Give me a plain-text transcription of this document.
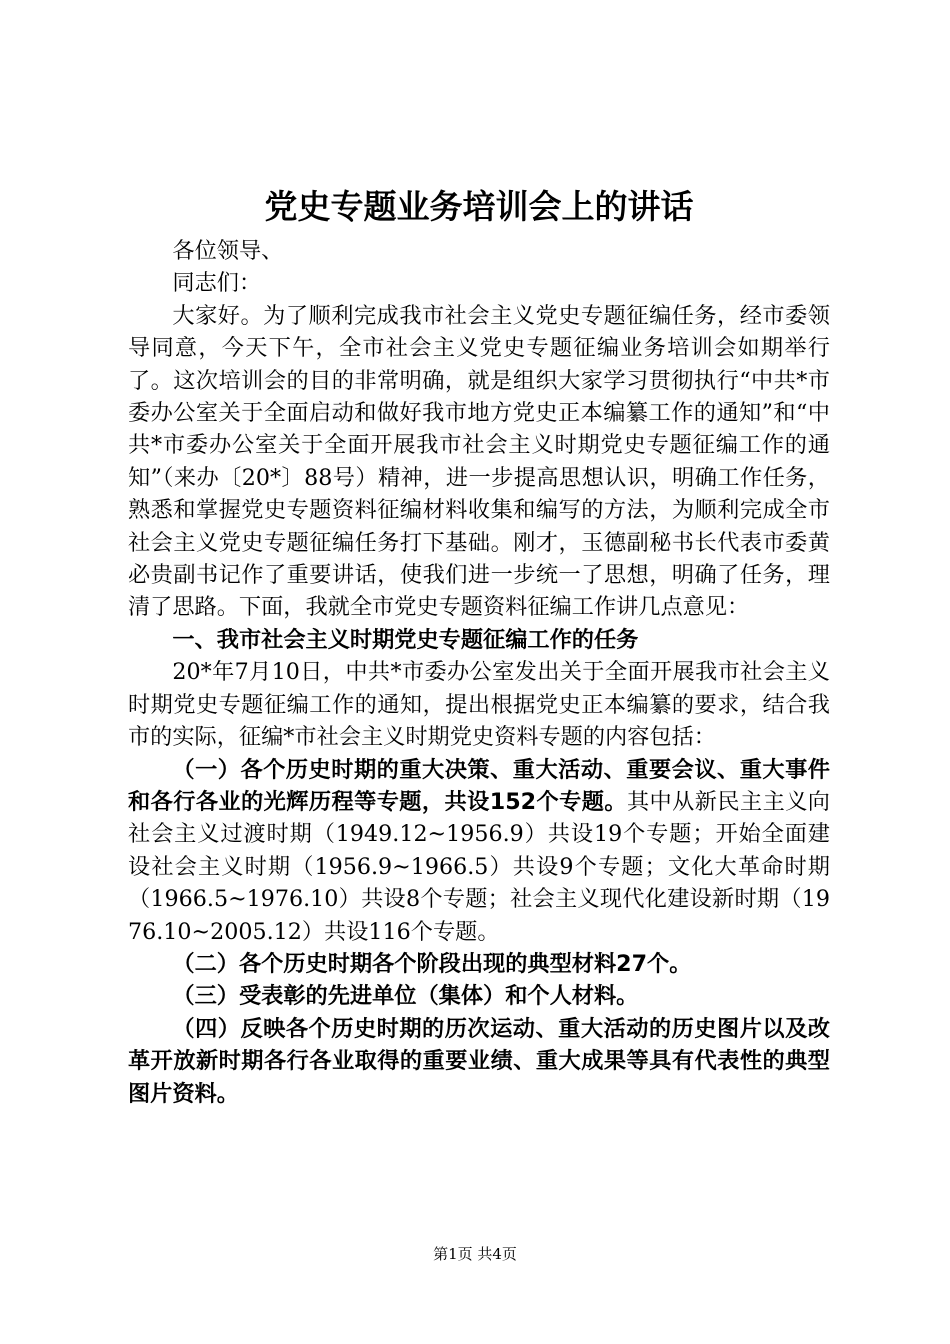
党史专题业务培训会上的讲话

各位领导、

同志们：

大家好。为了顺利完成我市社会主义党史专题征编任务，经市委领导同意，今天下午，全市社会主义党史专题征编业务培训会如期举行了。这次培训会的目的非常明确，就是组织大家学习贯彻执行“中共*市委办公室关于全面启动和做好我市地方党史正本编纂工作的通知”和“中共*市委办公室关于全面开展我市社会主义时期党史专题征编工作的通知”（来办〔20*〕88号）精神，进一步提高思想认识，明确工作任务，熟悉和掌握党史专题资料征编材料收集和编写的方法，为顺利完成全市社会主义党史专题征编任务打下基础。刚才，玉德副秘书长代表市委黄必贵副书记作了重要讲话，使我们进一步统一了思想，明确了任务，理清了思路。下面，我就全市党史专题资料征编工作讲几点意见：

一、我市社会主义时期党史专题征编工作的任务

20*年7月10日，中共*市委办公室发出关于全面开展我市社会主义时期党史专题征编工作的通知，提出根据党史正本编纂的要求，结合我市的实际，征编*市社会主义时期党史资料专题的内容包括：

（一）各个历史时期的重大决策、重大活动、重要会议、重大事件和各行各业的光辉历程等专题，共设152个专题。其中从新民主主义向社会主义过渡时期（1949.12~1956.9）共设19个专题；开始全面建设社会主义时期（1956.9~1966.5）共设9个专题；文化大革命时期（1966.5~1976.10）共设8个专题；社会主义现代化建设新时期（1976.10~2005.12）共设116个专题。

（二）各个历史时期各个阶段出现的典型材料27个。

（三）受表彰的先进单位（集体）和个人材料。

（四）反映各个历史时期的历次运动、重大活动的历史图片以及改革开放新时期各行各业取得的重要业绩、重大成果等具有代表性的典型图片资料。

第1页 共4页
